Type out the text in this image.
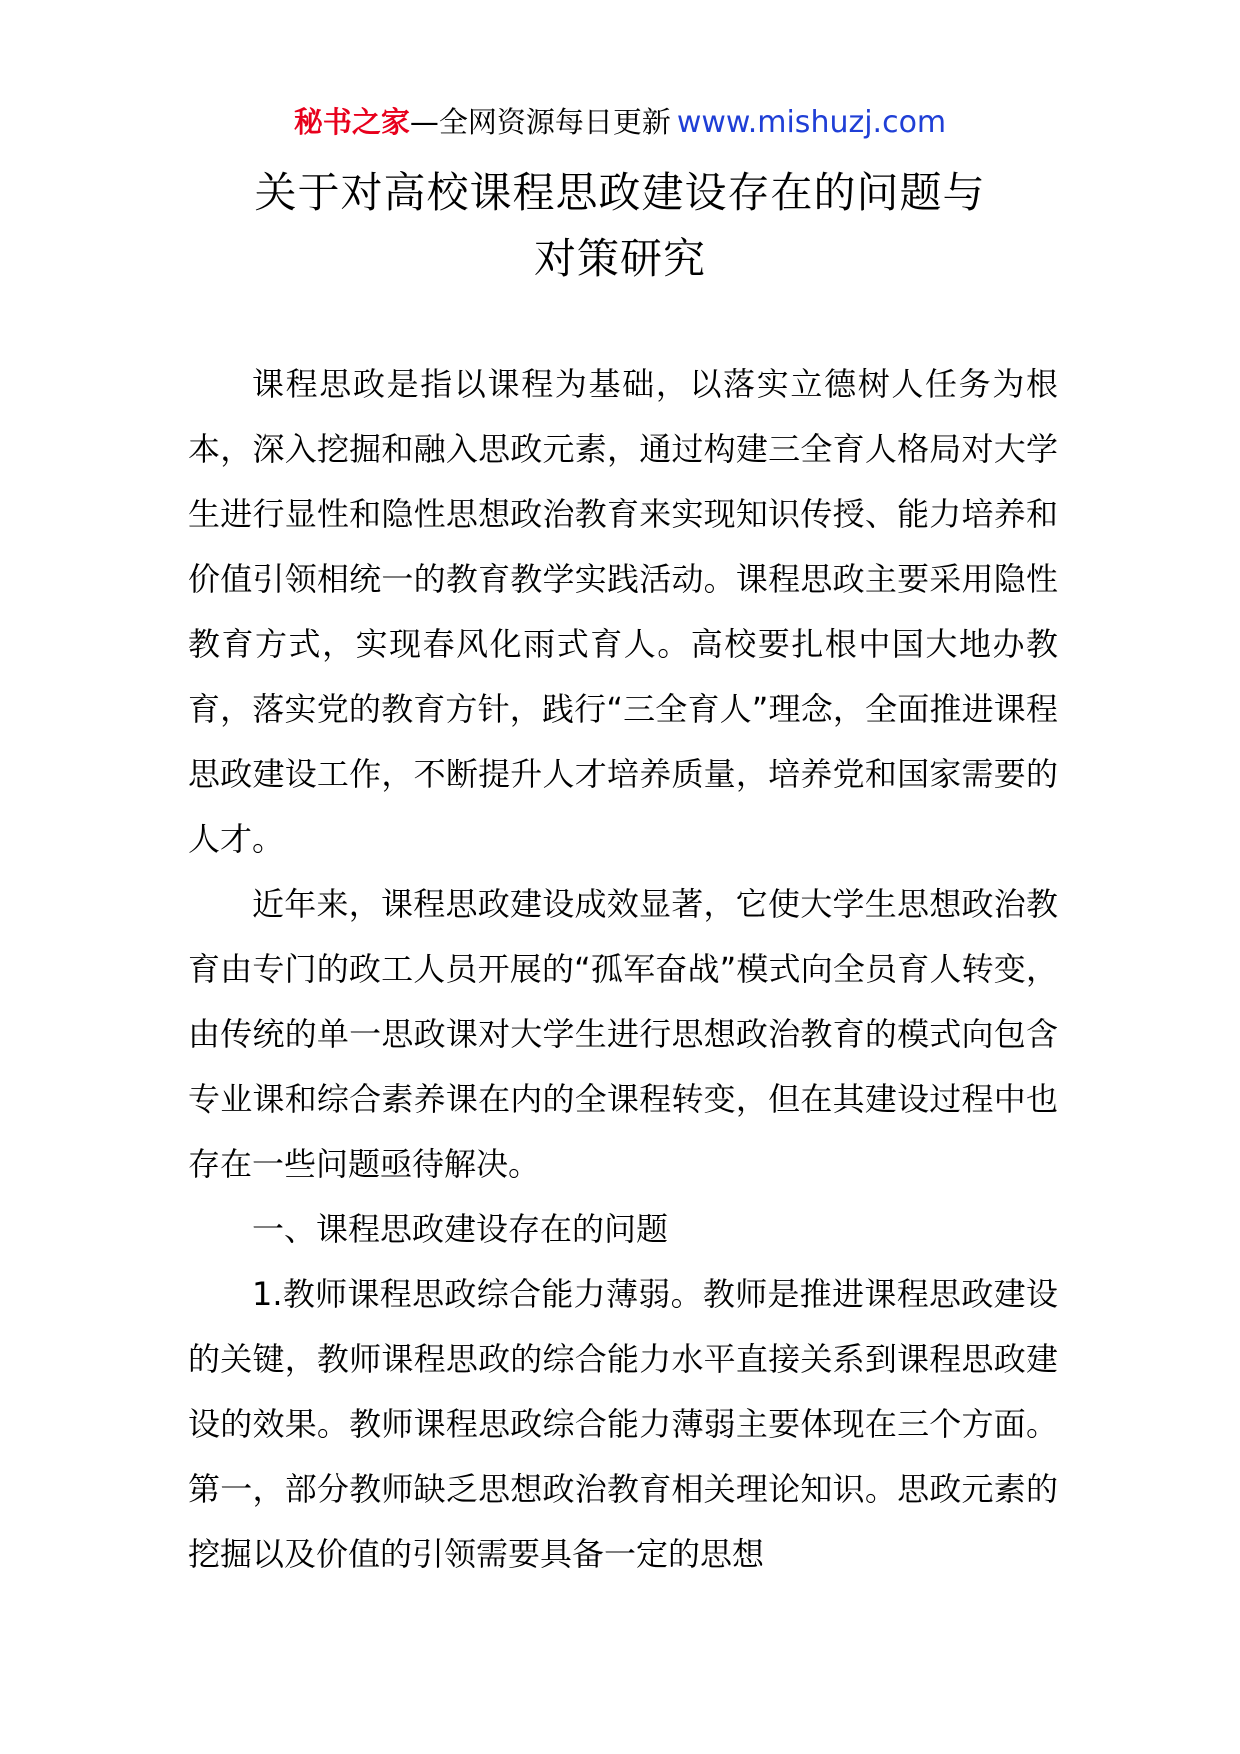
秘书之家—全网资源每日更新 www.mishuzj.com
关于对高校课程思政建设存在的问题与
对策研究

课程思政是指以课程为基础，以落实立德树人任务为根本，深入挖掘和融入思政元素，通过构建三全育人格局对大学生进行显性和隐性思想政治教育来实现知识传授、能力培养和价值引领相统一的教育教学实践活动。课程思政主要采用隐性教育方式，实现春风化雨式育人。高校要扎根中国大地办教育，落实党的教育方针，践行“三全育人”理念，全面推进课程思政建设工作，不断提升人才培养质量，培养党和国家需要的人才。

近年来，课程思政建设成效显著，它使大学生思想政治教育由专门的政工人员开展的“孤军奋战”模式向全员育人转变，由传统的单一思政课对大学生进行思想政治教育的模式向包含专业课和综合素养课在内的全课程转变，但在其建设过程中也存在一些问题亟待解决。

一、课程思政建设存在的问题

1.教师课程思政综合能力薄弱。教师是推进课程思政建设的关键，教师课程思政的综合能力水平直接关系到课程思政建设的效果。教师课程思政综合能力薄弱主要体现在三个方面。第一，部分教师缺乏思想政治教育相关理论知识。思政元素的挖掘以及价值的引领需要具备一定的思想
